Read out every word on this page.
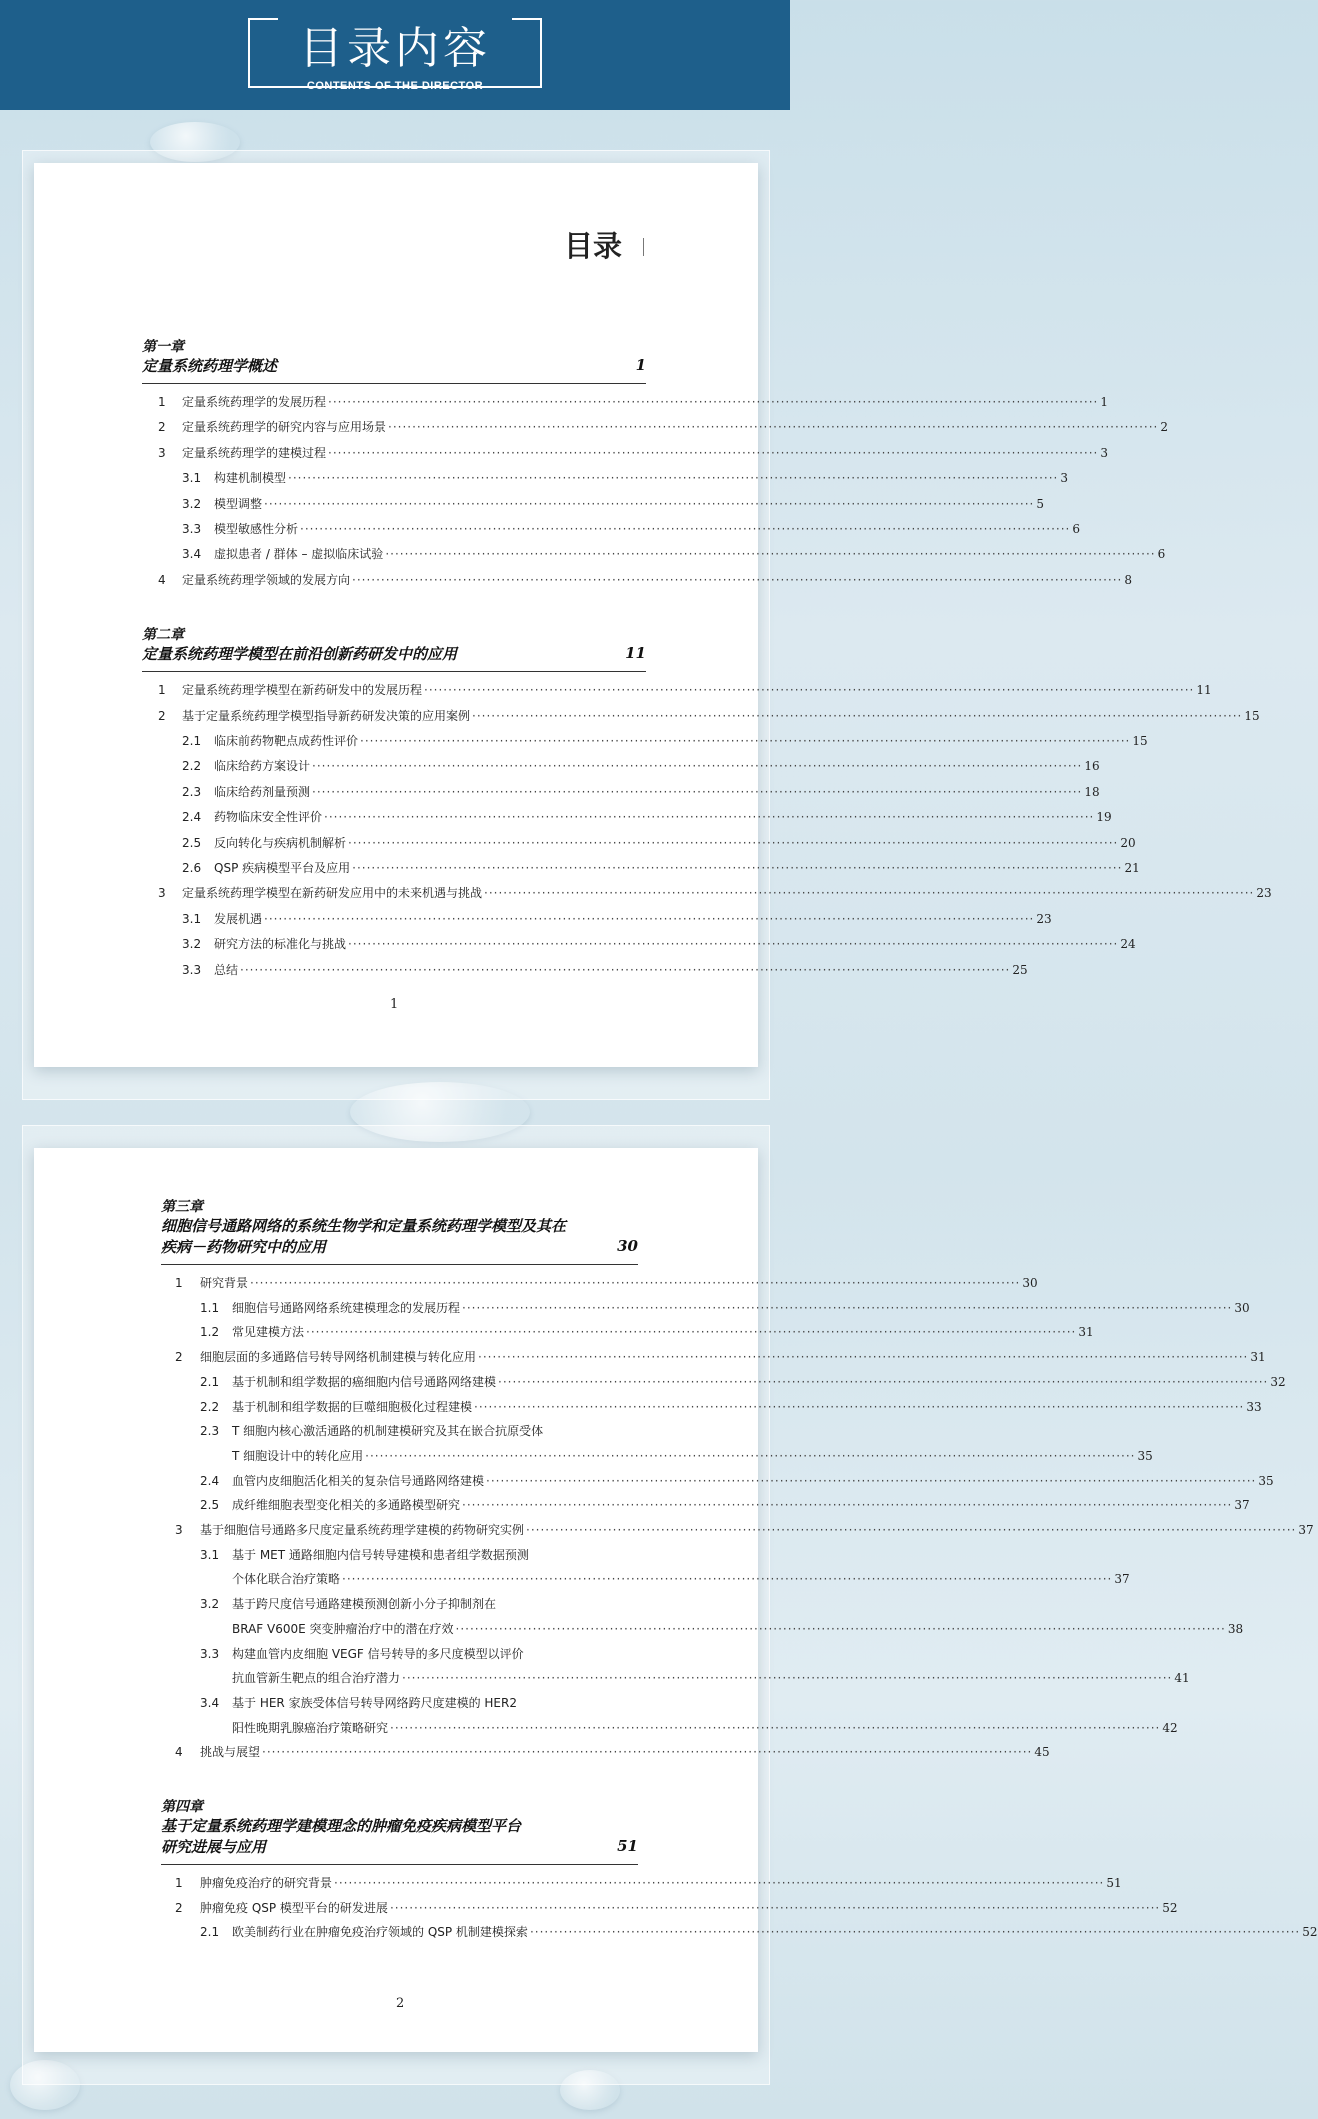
目录内容
CONTENTS OF THE DIRECTOR
目录
第一章
定量系统药理学概述	1
1	定量系统药理学的发展历程 ·····	1
2	定量系统药理学的研究内容与应用场景 ·····	2
3	定量系统药理学的建模过程 ·····	3
3.1	构建机制模型 ·····	3
3.2	模型调整 ·····	5
3.3	模型敏感性分析 ·····	6
3.4	虚拟患者 / 群体 – 虚拟临床试验 ·····	6
4	定量系统药理学领域的发展方向 ·····	8
第二章
定量系统药理学模型在前沿创新药研发中的应用	11
1	定量系统药理学模型在新药研发中的发展历程 ·····	11
2	基于定量系统药理学模型指导新药研发决策的应用案例 ·····	15
2.1	临床前药物靶点成药性评价 ·····	15
2.2	临床给药方案设计 ·····	16
2.3	临床给药剂量预测 ·····	18
2.4	药物临床安全性评价 ·····	19
2.5	反向转化与疾病机制解析 ·····	20
2.6	QSP 疾病模型平台及应用 ·····	21
3	定量系统药理学模型在新药研发应用中的未来机遇与挑战 ·····	23
3.1	发展机遇 ·····	23
3.2	研究方法的标准化与挑战 ·····	24
3.3	总结 ·····	25
1
第三章
细胞信号通路网络的系统生物学和定量系统药理学模型及其在
疾病－药物研究中的应用	30
1	研究背景 ·····	30
1.1	细胞信号通路网络系统建模理念的发展历程 ·····	30
1.2	常见建模方法 ·····	31
2	细胞层面的多通路信号转导网络机制建模与转化应用 ·····	31
2.1	基于机制和组学数据的癌细胞内信号通路网络建模 ·····	32
2.2	基于机制和组学数据的巨噬细胞极化过程建模 ·····	33
2.3	T 细胞内核心激活通路的机制建模研究及其在嵌合抗原受体
T 细胞设计中的转化应用 ·····	35
2.4	血管内皮细胞活化相关的复杂信号通路网络建模 ·····	35
2.5	成纤维细胞表型变化相关的多通路模型研究 ·····	37
3	基于细胞信号通路多尺度定量系统药理学建模的药物研究实例 ·····	37
3.1	基于 MET 通路细胞内信号转导建模和患者组学数据预测
个体化联合治疗策略 ·····	37
3.2	基于跨尺度信号通路建模预测创新小分子抑制剂在
BRAF V600E 突变肿瘤治疗中的潜在疗效 ·····	38
3.3	构建血管内皮细胞 VEGF 信号转导的多尺度模型以评价
抗血管新生靶点的组合治疗潜力 ·····	41
3.4	基于 HER 家族受体信号转导网络跨尺度建模的 HER2
阳性晚期乳腺癌治疗策略研究 ·····	42
4	挑战与展望 ·····	45
第四章
基于定量系统药理学建模理念的肿瘤免疫疾病模型平台
研究进展与应用	51
1	肿瘤免疫治疗的研究背景 ·····	51
2	肿瘤免疫 QSP 模型平台的研发进展 ·····	52
2.1	欧美制药行业在肿瘤免疫治疗领域的 QSP 机制建模探索 ·····	52
2
